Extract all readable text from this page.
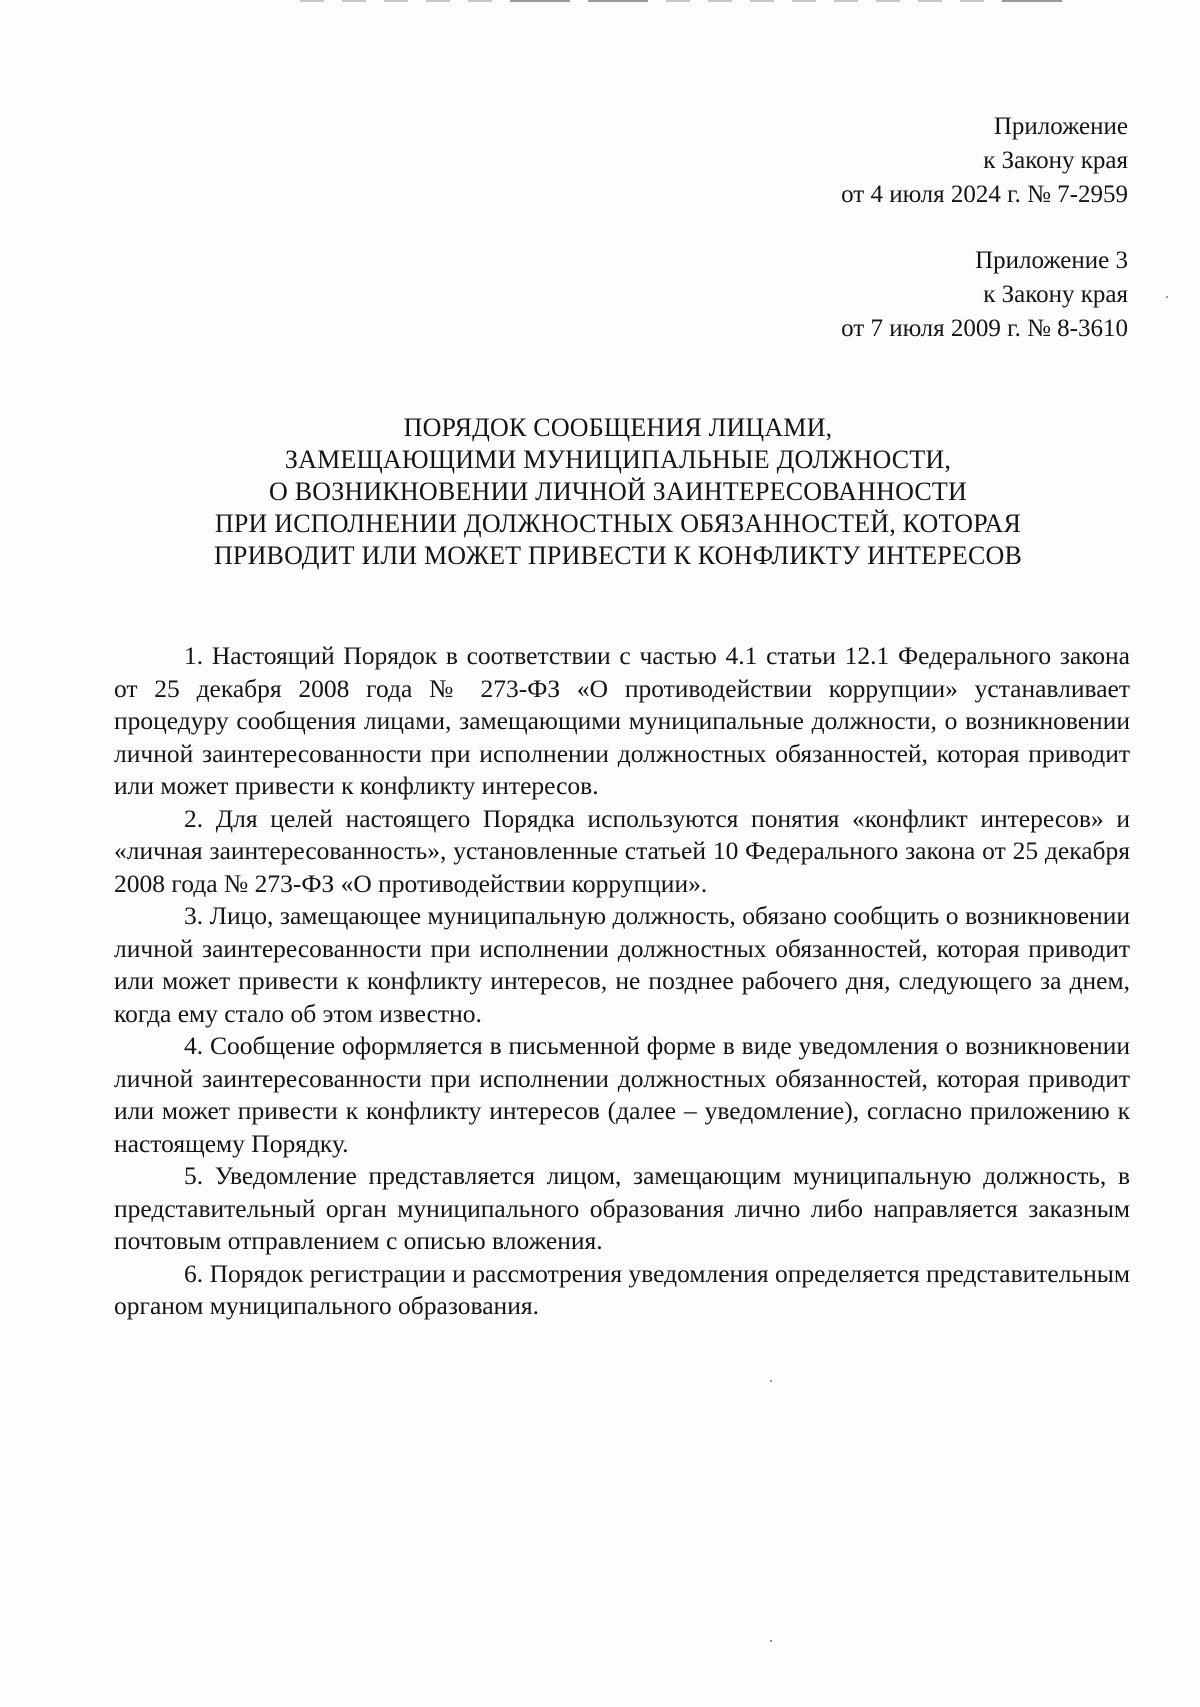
Приложение
к Закону края
от 4 июля 2024 г. № 7-2959
Приложение 3
к Закону края
от 7 июля 2009 г. № 8-3610
ПОРЯДОК СООБЩЕНИЯ ЛИЦАМИ,
ЗАМЕЩАЮЩИМИ МУНИЦИПАЛЬНЫЕ ДОЛЖНОСТИ,
О ВОЗНИКНОВЕНИИ ЛИЧНОЙ ЗАИНТЕРЕСОВАННОСТИ
ПРИ ИСПОЛНЕНИИ ДОЛЖНОСТНЫХ ОБЯЗАННОСТЕЙ, КОТОРАЯ
ПРИВОДИТ ИЛИ МОЖЕТ ПРИВЕСТИ К КОНФЛИКТУ ИНТЕРЕСОВ

1. Настоящий Порядок в соответствии с частью 4.1 статьи 12.1 Федерального закона от 25 декабря 2008 года № 273-ФЗ «О противодействии коррупции» устанавливает процедуру сообщения лицами, замещающими муниципальные должности, о возникновении личной заинтересованности при исполнении должностных обязанностей, которая приводит или может привести к конфликту интересов.

2. Для целей настоящего Порядка используются понятия «конфликт интересов» и «личная заинтересованность», установленные статьей 10 Федерального закона от 25 декабря 2008 года № 273-ФЗ «О противодействии коррупции».

3. Лицо, замещающее муниципальную должность, обязано сообщить о возникновении личной заинтересованности при исполнении должностных обязанностей, которая приводит или может привести к конфликту интересов, не позднее рабочего дня, следующего за днем, когда ему стало об этом известно.

4. Сообщение оформляется в письменной форме в виде уведомления о возникновении личной заинтересованности при исполнении должностных обязанностей, которая приводит или может привести к конфликту интересов (далее – уведомление), согласно приложению к настоящему Порядку.

5. Уведомление представляется лицом, замещающим муниципальную должность, в представительный орган муниципального образования лично либо направляется заказным почтовым отправлением с описью вложения.

6. Порядок регистрации и рассмотрения уведомления определяется представительным органом муниципального образования.
